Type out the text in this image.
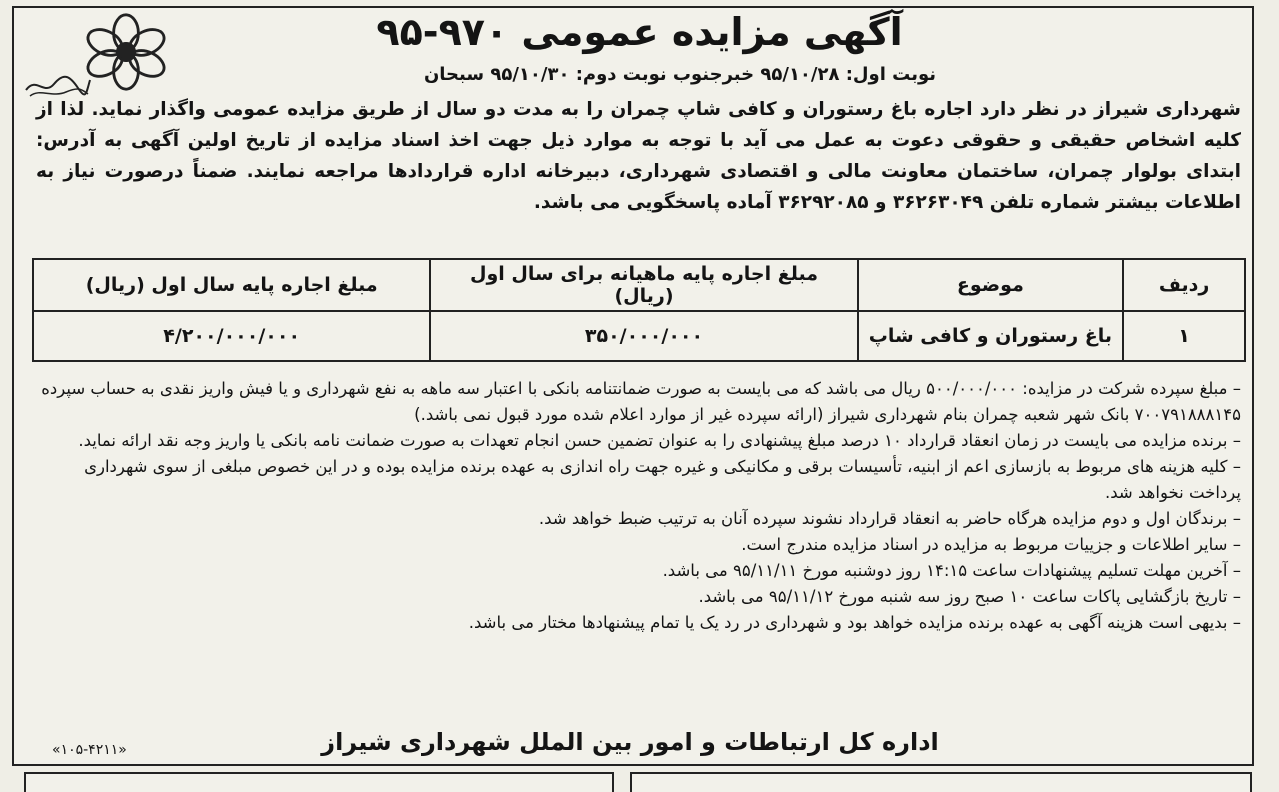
آگهی مزایده عمومی ۹۷۰-۹۵
نوبت اول: ۹۵/۱۰/۲۸ خبرجنوب نوبت دوم: ۹۵/۱۰/۳۰ سبحان
شهرداری شیراز در نظر دارد اجاره باغ رستوران و کافی شاپ چمران را به مدت دو سال از طریق مزایده عمومی واگذار نماید. لذا از کلیه اشخاص حقیقی و حقوقی دعوت به عمل می آید با توجه به موارد ذیل جهت اخذ اسناد مزایده از تاریخ اولین آگهی به آدرس: ابتدای بولوار چمران، ساختمان معاونت مالی و اقتصادی شهرداری، دبیرخانه اداره قراردادها مراجعه نمایند. ضمناً درصورت نیاز به اطلاعات بیشتر شماره تلفن ۳۶۲۶۳۰۴۹ و ۳۶۲۹۲۰۸۵ آماده پاسخگویی می باشد.
ردیف	موضوع	مبلغ اجاره پایه ماهیانه برای سال اول (ریال)	مبلغ اجاره پایه سال اول (ریال)
۱	باغ رستوران و کافی شاپ	۳۵۰/۰۰۰/۰۰۰	۴/۲۰۰/۰۰۰/۰۰۰

– مبلغ سپرده شرکت در مزایده: ۵۰۰/۰۰۰/۰۰۰ ریال می باشد که می بایست به صورت ضمانتنامه بانکی با اعتبار سه ماهه به نفع شهرداری و یا فیش واریز نقدی به حساب سپرده ۷۰۰۷۹۱۸۸۸۱۴۵ بانک شهر شعبه چمران بنام شهرداری شیراز (ارائه سپرده غیر از موارد اعلام شده مورد قبول نمی باشد.)

– برنده مزایده می بایست در زمان انعقاد قرارداد ۱۰ درصد مبلغ پیشنهادی را به عنوان تضمین حسن انجام تعهدات به صورت ضمانت نامه بانکی یا واریز وجه نقد ارائه نماید.

– کلیه هزینه های مربوط به بازسازی اعم از ابنیه، تأسیسات برقی و مکانیکی و غیره جهت راه اندازی به عهده برنده مزایده بوده و در این خصوص مبلغی از سوی شهرداری پرداخت نخواهد شد.

– برندگان اول و دوم مزایده هرگاه حاضر به انعقاد قرارداد نشوند سپرده آنان به ترتیب ضبط خواهد شد.

– سایر اطلاعات و جزییات مربوط به مزایده در اسناد مزایده مندرج است.

– آخرین مهلت تسلیم پیشنهادات ساعت ۱۴:۱۵ روز دوشنبه مورخ ۹۵/۱۱/۱۱ می باشد.

– تاریخ بازگشایی پاکات ساعت ۱۰ صبح روز سه شنبه مورخ ۹۵/۱۱/۱۲ می باشد.

– بدیهی است هزینه آگهی به عهده برنده مزایده خواهد بود و شهرداری در رد یک یا تمام پیشنهادها مختار می باشد.

اداره کل ارتباطات و امور بین الملل شهرداری شیراز
«۱۰۵-۴۲۱۱»
